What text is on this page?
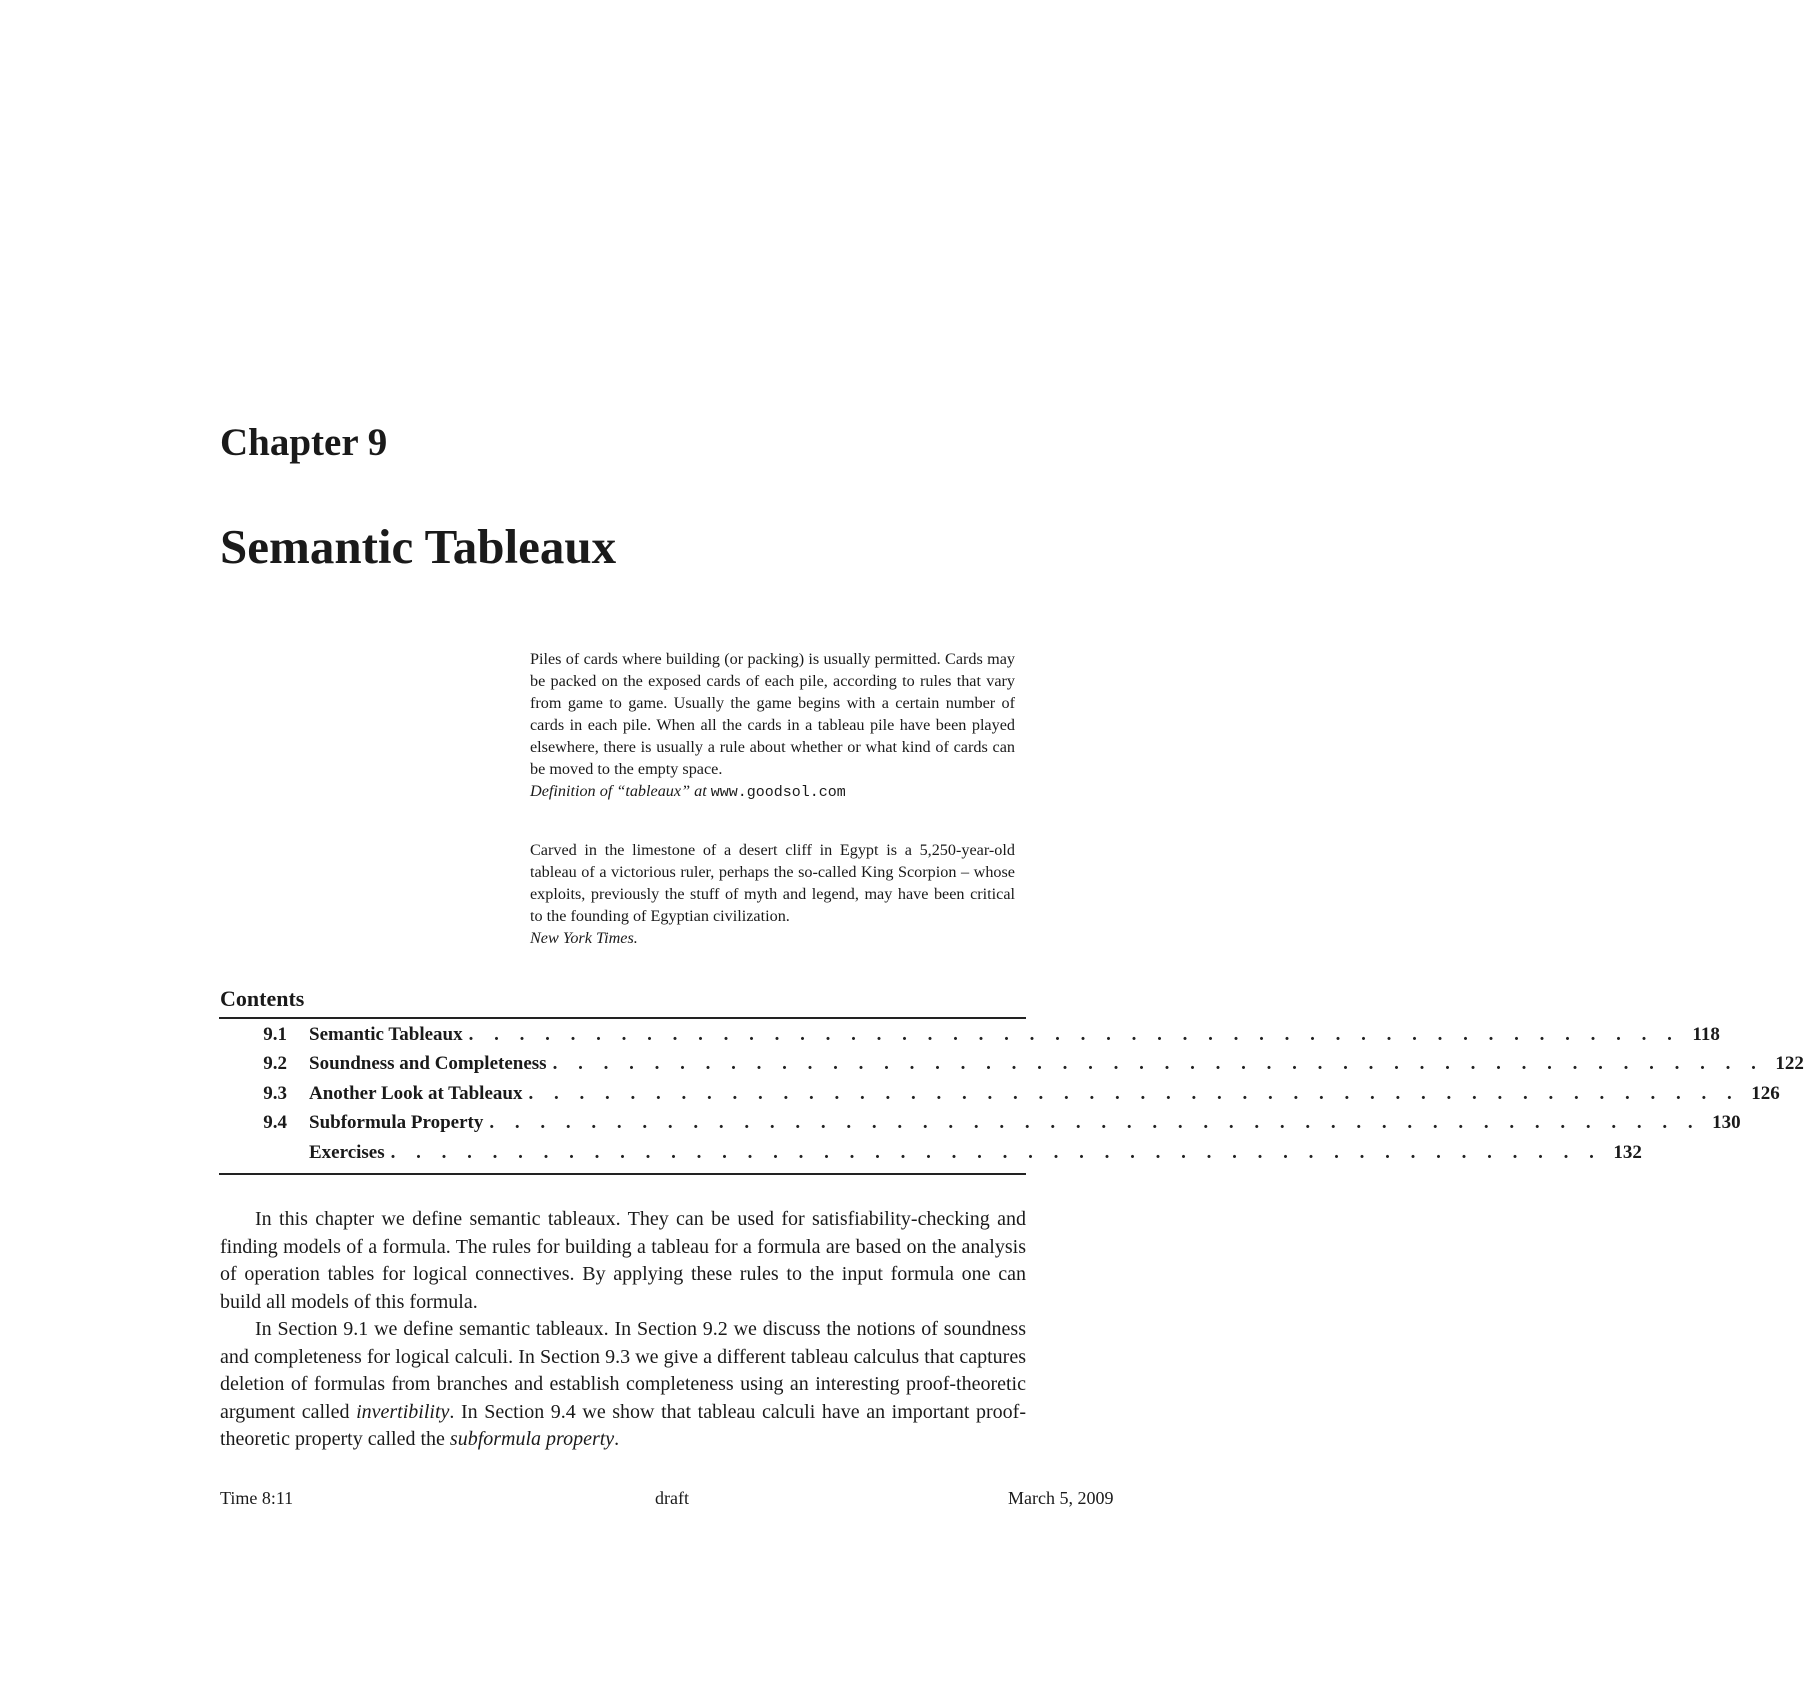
Chapter 9
Semantic Tableaux
Piles of cards where building (or packing) is usually permitted. Cards may be packed on the exposed cards of each pile, according to rules that vary from game to game. Usually the game begins with a certain number of cards in each pile. When all the cards in a tableau pile have been played elsewhere, there is usually a rule about whether or what kind of cards can be moved to the empty space.
Definition of “tableaux” at www.goodsol.com
Carved in the limestone of a desert cliff in Egypt is a 5,250-year-old tableau of a victorious ruler, perhaps the so-called King Scorpion – whose exploits, previously the stuff of myth and legend, may have been critical to the founding of Egyptian civilization.
New York Times.
Contents
9.1	Semantic Tableaux . . . . . . . . . . . . . . . . . . . . . . . . . . . . . . . . . . . . . . . . . . . . . . . . 118
9.2	Soundness and Completeness . . . . . . . . . . . . . . . . . . . . . . . . . . . . . . . . . . . . . . . . . . . . . . . . 122
9.3	Another Look at Tableaux . . . . . . . . . . . . . . . . . . . . . . . . . . . . . . . . . . . . . . . . . . . . . . . . 126
9.4	Subformula Property . . . . . . . . . . . . . . . . . . . . . . . . . . . . . . . . . . . . . . . . . . . . . . . . 130
Exercises . . . . . . . . . . . . . . . . . . . . . . . . . . . . . . . . . . . . . . . . . . . . . . . . 132

In this chapter we define semantic tableaux. They can be used for satisfiability-checking and finding models of a formula. The rules for building a tableau for a formula are based on the analysis of operation tables for logical connectives. By applying these rules to the input formula one can build all models of this formula.

In Section 9.1 we define semantic tableaux. In Section 9.2 we discuss the notions of soundness and completeness for logical calculi. In Section 9.3 we give a different tableau calculus that captures deletion of formulas from branches and establish completeness using an interesting proof-theoretic argument called invertibility. In Section 9.4 we show that tableau calculi have an important proof-theoretic property called the subformula property.

Time 8:11	draft	March 5, 2009
